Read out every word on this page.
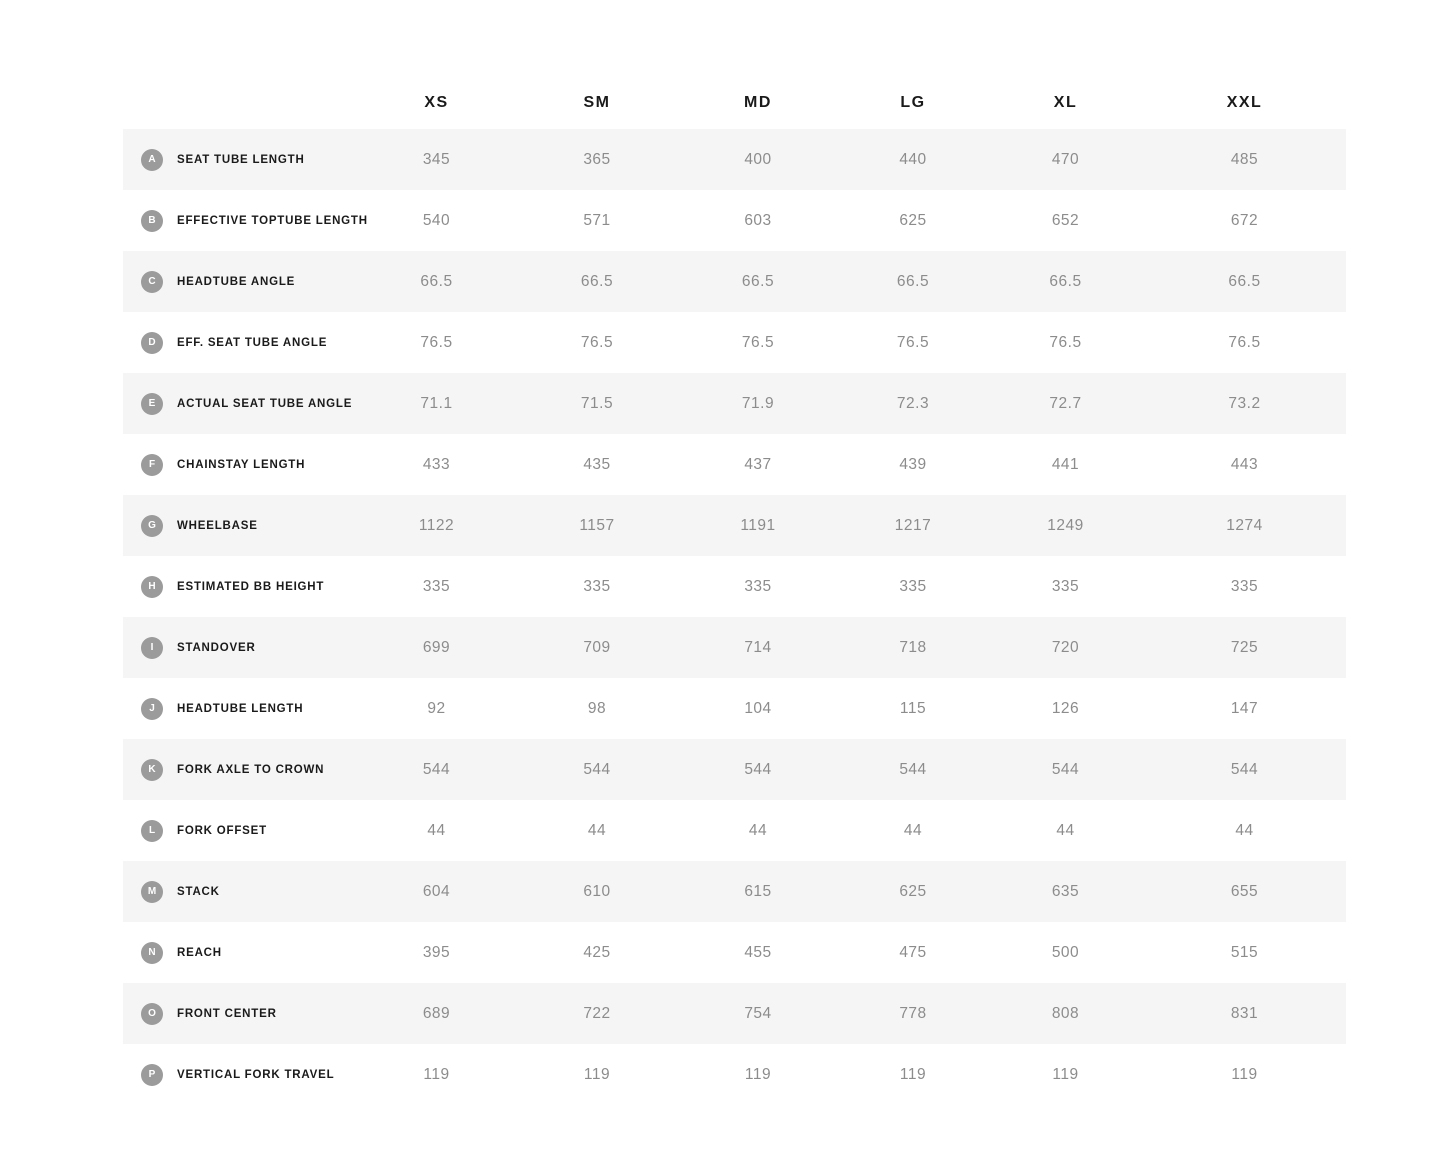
	XS	SM	MD	LG	XL	XXL

A SEAT TUBE LENGTH	345	365	400	440	470	485

B EFFECTIVE TOPTUBE LENGTH	540	571	603	625	652	672

C HEADTUBE ANGLE	66.5	66.5	66.5	66.5	66.5	66.5

D EFF. SEAT TUBE ANGLE	76.5	76.5	76.5	76.5	76.5	76.5

E ACTUAL SEAT TUBE ANGLE	71.1	71.5	71.9	72.3	72.7	73.2

F CHAINSTAY LENGTH	433	435	437	439	441	443

G WHEELBASE	1122	1157	1191	1217	1249	1274

H ESTIMATED BB HEIGHT	335	335	335	335	335	335

I STANDOVER	699	709	714	718	720	725

J HEADTUBE LENGTH	92	98	104	115	126	147

K FORK AXLE TO CROWN	544	544	544	544	544	544

L FORK OFFSET	44	44	44	44	44	44

M STACK	604	610	615	625	635	655

N REACH	395	425	455	475	500	515

O FRONT CENTER	689	722	754	778	808	831

P VERTICAL FORK TRAVEL	119	119	119	119	119	119
